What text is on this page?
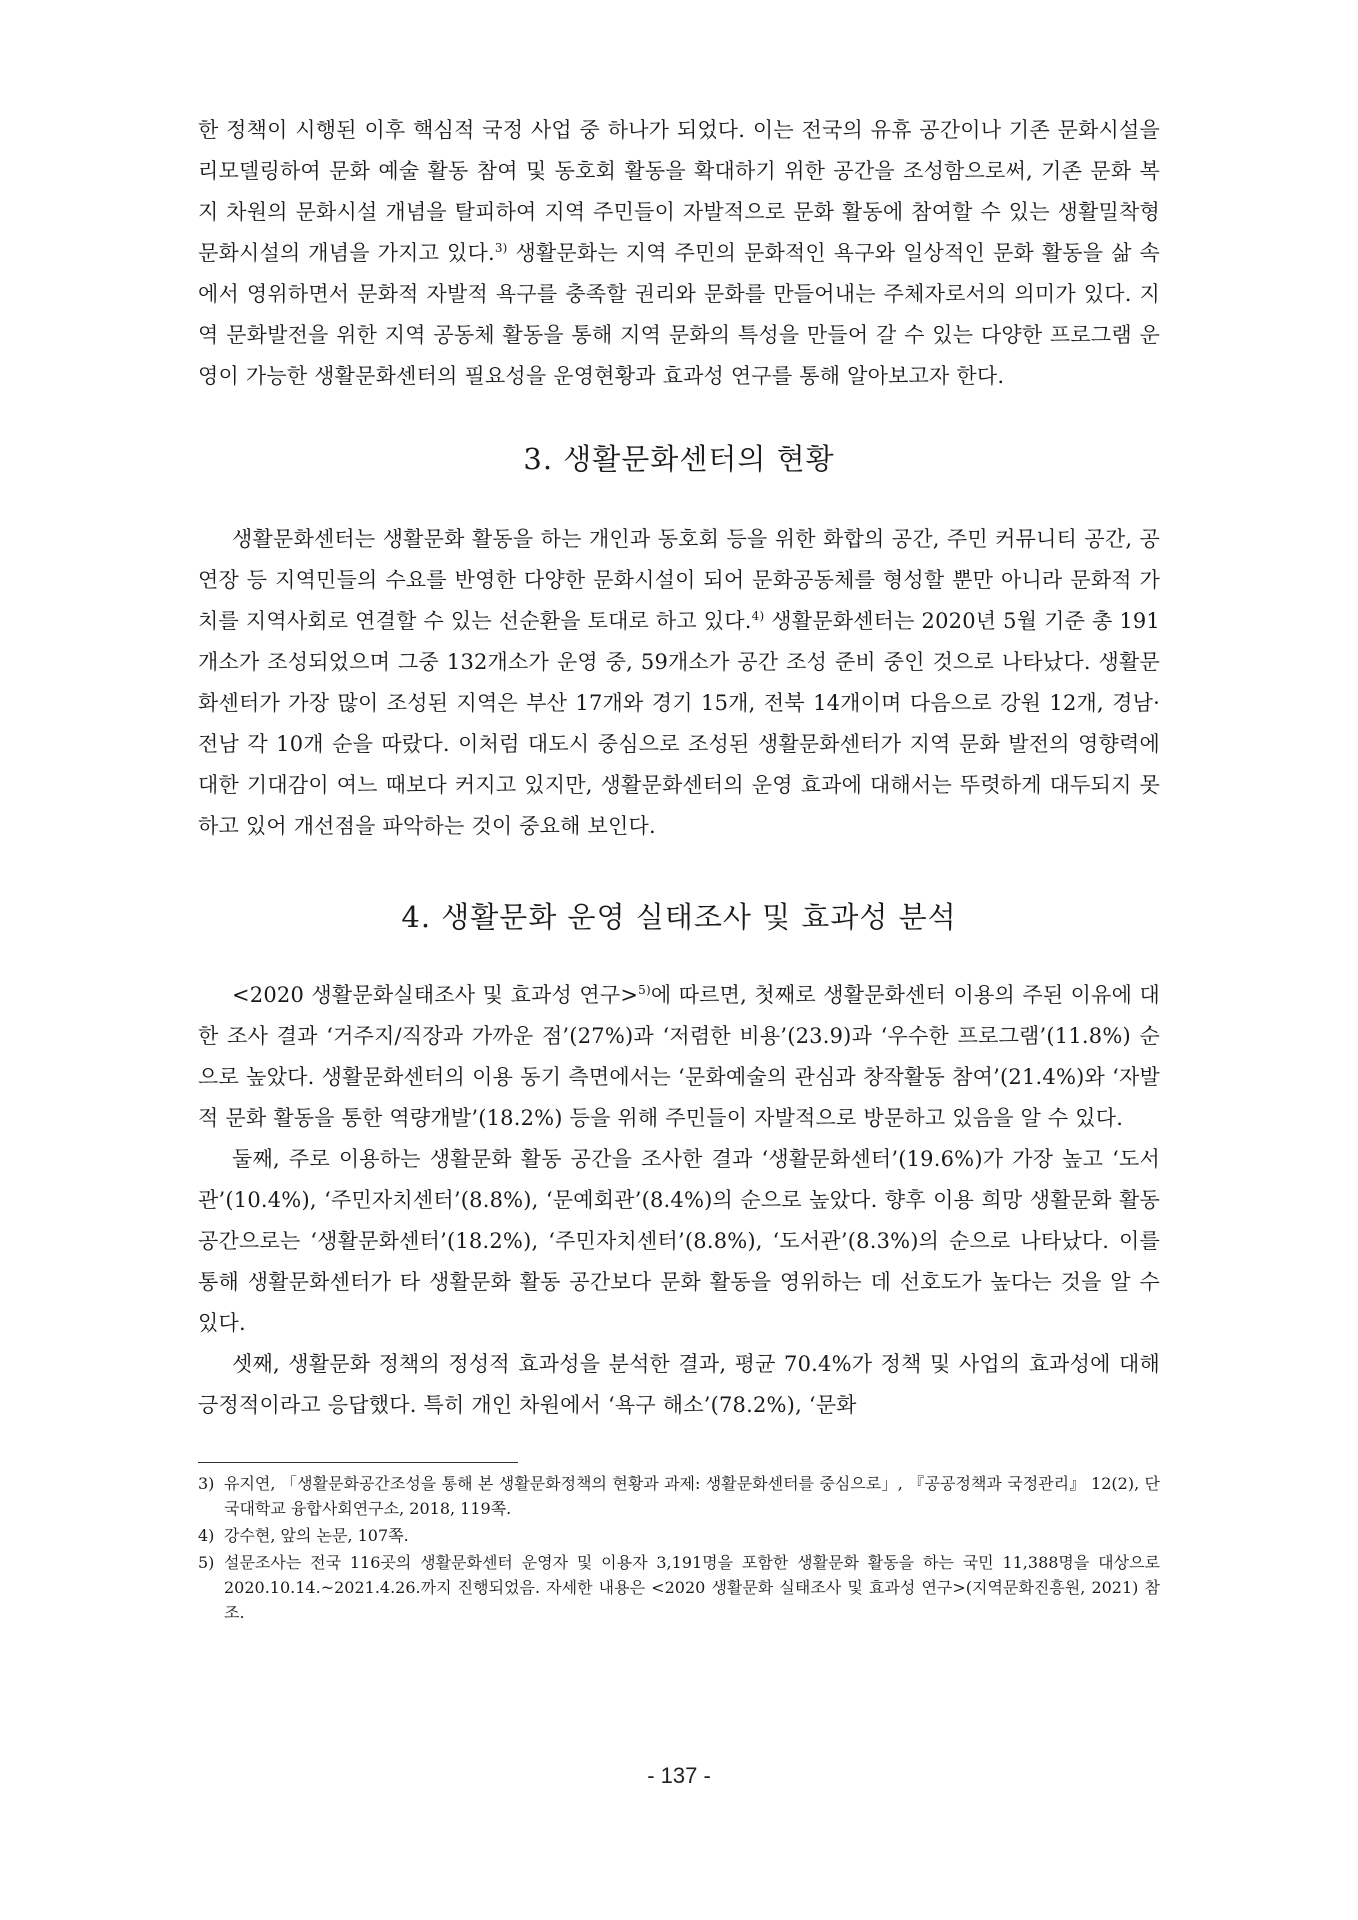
한 정책이 시행된 이후 핵심적 국정 사업 중 하나가 되었다. 이는 전국의 유휴 공간이나 기존 문화시설을 리모델링하여 문화 예술 활동 참여 및 동호회 활동을 확대하기 위한 공간을 조성함으로써, 기존 문화 복지 차원의 문화시설 개념을 탈피하여 지역 주민들이 자발적으로 문화 활동에 참여할 수 있는 생활밀착형 문화시설의 개념을 가지고 있다.$^{3)}$ 생활문화는 지역 주민의 문화적인 욕구와 일상적인 문화 활동을 삶 속에서 영위하면서 문화적 자발적 욕구를 충족할 권리와 문화를 만들어내는 주체자로서의 의미가 있다. 지역 문화발전을 위한 지역 공동체 활동을 통해 지역 문화의 특성을 만들어 갈 수 있는 다양한 프로그램 운영이 가능한 생활문화센터의 필요성을 운영현황과 효과성 연구를 통해 알아보고자 한다.

3. 생활문화센터의 현황

생활문화센터는 생활문화 활동을 하는 개인과 동호회 등을 위한 화합의 공간, 주민 커뮤니티 공간, 공연장 등 지역민들의 수요를 반영한 다양한 문화시설이 되어 문화공동체를 형성할 뿐만 아니라 문화적 가치를 지역사회로 연결할 수 있는 선순환을 토대로 하고 있다.$^{4)}$ 생활문화센터는 2020년 5월 기준 총 191개소가 조성되었으며 그중 132개소가 운영 중, 59개소가 공간 조성 준비 중인 것으로 나타났다. 생활문화센터가 가장 많이 조성된 지역은 부산 17개와 경기 15개, 전북 14개이며 다음으로 강원 12개, 경남·전남 각 10개 순을 따랐다. 이처럼 대도시 중심으로 조성된 생활문화센터가 지역 문화 발전의 영향력에 대한 기대감이 여느 때보다 커지고 있지만, 생활문화센터의 운영 효과에 대해서는 뚜렷하게 대두되지 못하고 있어 개선점을 파악하는 것이 중요해 보인다.

4. 생활문화 운영 실태조사 및 효과성 분석

<2020 생활문화실태조사 및 효과성 연구>$^{5)}$에 따르면, 첫째로 생활문화센터 이용의 주된 이유에 대한 조사 결과 ‘거주지/직장과 가까운 점’(27%)과 ‘저렴한 비용’(23.9)과 ‘우수한 프로그램’(11.8%) 순으로 높았다. 생활문화센터의 이용 동기 측면에서는 ‘문화예술의 관심과 창작활동 참여’(21.4%)와 ‘자발적 문화 활동을 통한 역량개발’(18.2%) 등을 위해 주민들이 자발적으로 방문하고 있음을 알 수 있다.

둘째, 주로 이용하는 생활문화 활동 공간을 조사한 결과 ‘생활문화센터’(19.6%)가 가장 높고 ‘도서관’(10.4%), ‘주민자치센터’(8.8%), ‘문예회관’(8.4%)의 순으로 높았다. 향후 이용 희망 생활문화 활동 공간으로는 ‘생활문화센터’(18.2%), ‘주민자치센터’(8.8%), ‘도서관’(8.3%)의 순으로 나타났다. 이를 통해 생활문화센터가 타 생활문화 활동 공간보다 문화 활동을 영위하는 데 선호도가 높다는 것을 알 수 있다.

셋째, 생활문화 정책의 정성적 효과성을 분석한 결과, 평균 70.4%가 정책 및 사업의 효과성에 대해 긍정적이라고 응답했다. 특히 개인 차원에서 ‘욕구 해소’(78.2%), ‘문화

3) 유지연, 「생활문화공간조성을 통해 본 생활문화정책의 현황과 과제: 생활문화센터를 중심으로」, 『공공정책과 국정관리』 12(2), 단국대학교 융합사회연구소, 2018, 119쪽.
4) 강수현, 앞의 논문, 107쪽.
5) 설문조사는 전국 116곳의 생활문화센터 운영자 및 이용자 3,191명을 포함한 생활문화 활동을 하는 국민 11,388명을 대상으로 2020.10.14.~2021.4.26.까지 진행되었음. 자세한 내용은 <2020 생활문화 실태조사 및 효과성 연구>(지역문화진흥원, 2021) 참조.
- 137 -
